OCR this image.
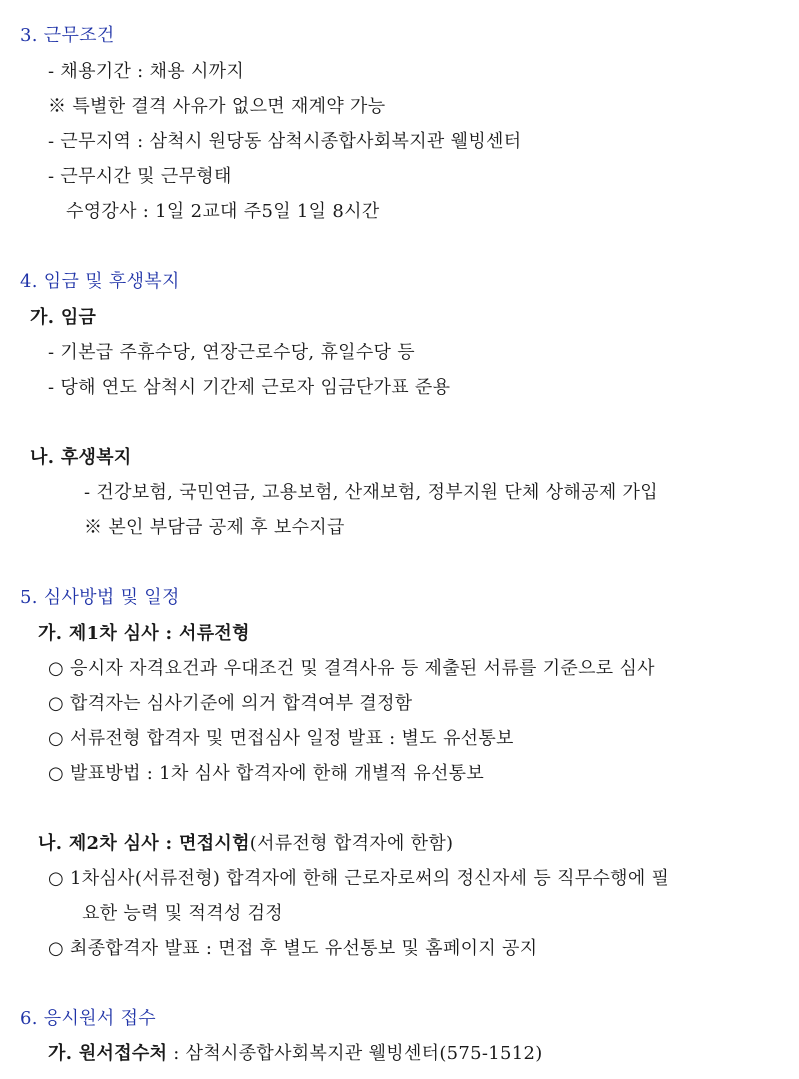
3. 근무조건
- 채용기간 : 채용 시까지
※ 특별한 결격 사유가 없으면 재계약 가능
- 근무지역 : 삼척시 원당동 삼척시종합사회복지관 웰빙센터
- 근무시간 및 근무형태
수영강사 : 1일 2교대 주5일 1일 8시간
4. 임금 및 후생복지
가. 임금
- 기본급 주휴수당, 연장근로수당, 휴일수당 등
- 당해 연도 삼척시 기간제 근로자 임금단가표 준용
나. 후생복지
- 건강보험, 국민연금, 고용보험, 산재보험, 정부지원 단체 상해공제 가입
※ 본인 부담금 공제 후 보수지급
5. 심사방법 및 일정
가. 제1차 심사 : 서류전형
○ 응시자 자격요건과 우대조건 및 결격사유 등 제출된 서류를 기준으로 심사
○ 합격자는 심사기준에 의거 합격여부 결정함
○ 서류전형 합격자 및 면접심사 일정 발표 : 별도 유선통보
○ 발표방법 : 1차 심사 합격자에 한해 개별적 유선통보
나. 제2차 심사 : 면접시험(서류전형 합격자에 한함)
○ 1차심사(서류전형) 합격자에 한해 근로자로써의 정신자세 등 직무수행에 필
요한 능력 및 적격성 검정
○ 최종합격자 발표 : 면접 후 별도 유선통보 및 홈페이지 공지
6. 응시원서 접수
가. 원서접수처 : 삼척시종합사회복지관 웰빙센터(575-1512)
